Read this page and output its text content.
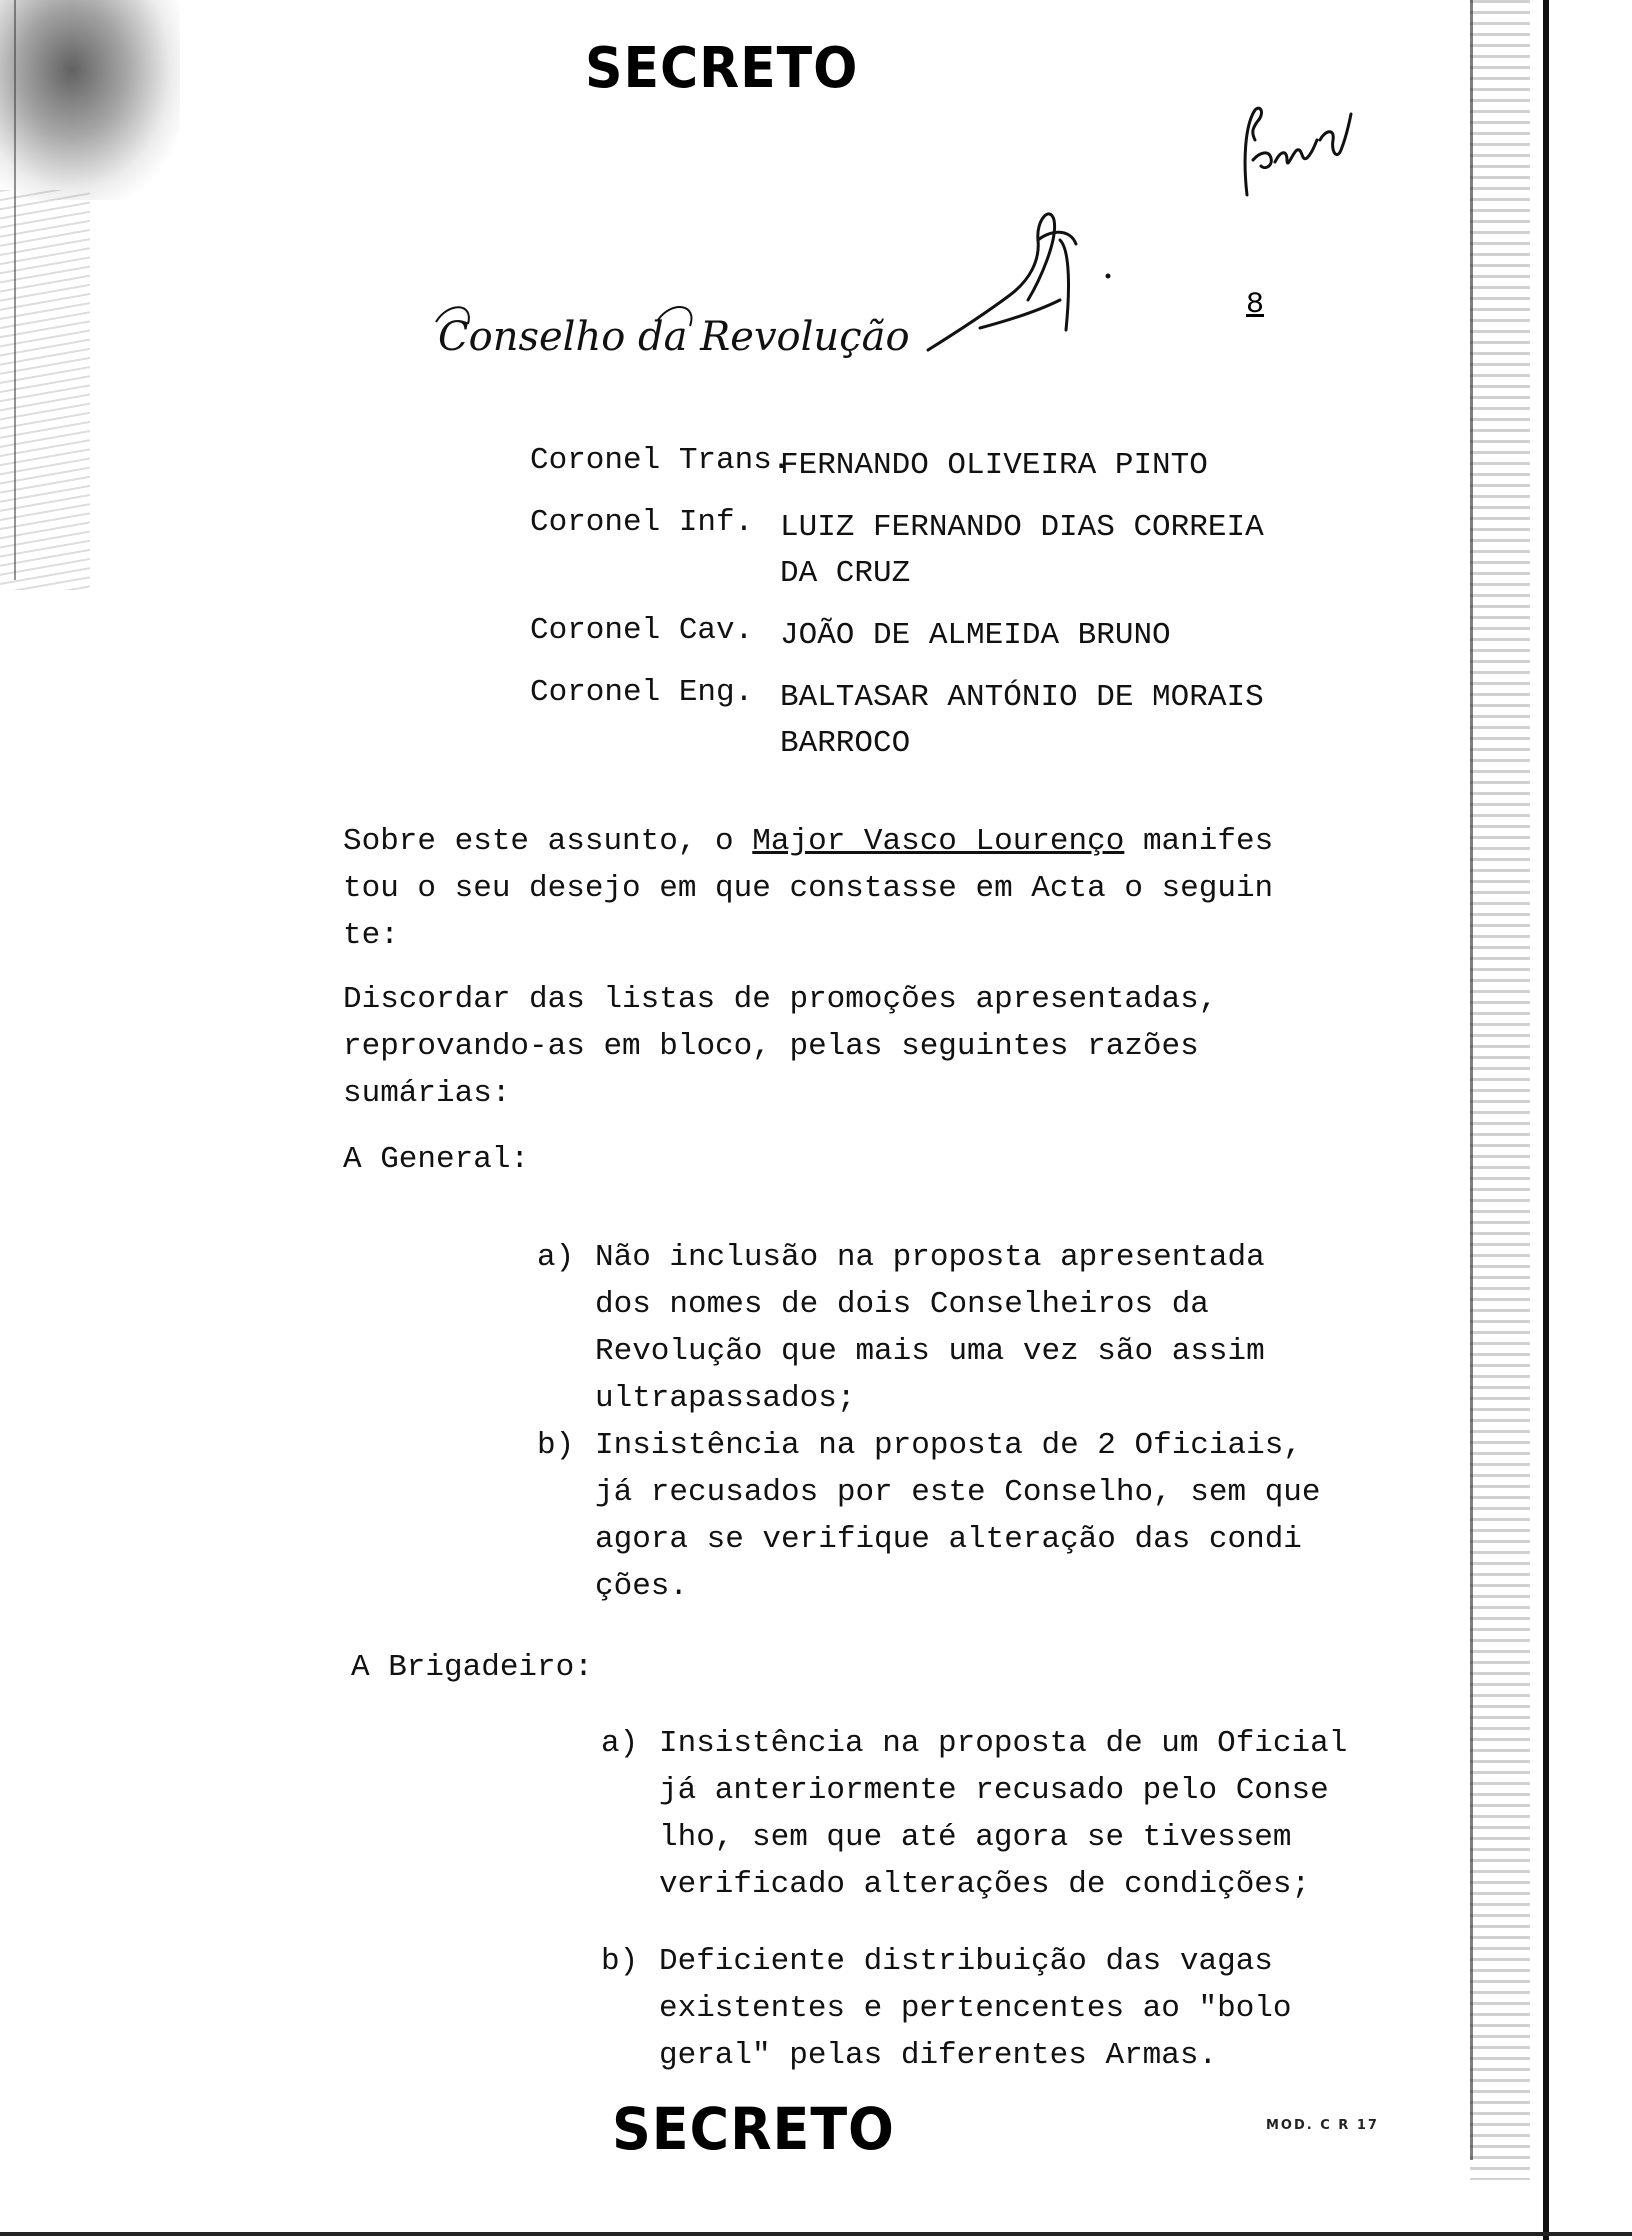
SECRETO
Conselho da Revolução
8
Coronel Trans.
FERNANDO OLIVEIRA PINTO
Coronel Inf. LUIZ FERNANDO DIAS CORREIA
DA CRUZ
Coronel Cav. JOÃO DE ALMEIDA BRUNO
Coronel Eng. BALTASAR ANTÓNIO DE MORAIS
BARROCO
Sobre este assunto, o Major Vasco Lourenço manifes
tou o seu desejo em que constasse em Acta o seguin
te:
Discordar das listas de promoções apresentadas,
reprovando-as em bloco, pelas seguintes razões
sumárias:
A General:
a) Não inclusão na proposta apresentada
dos nomes de dois Conselheiros da
Revolução que mais uma vez são assim
ultrapassados;
b) Insistência na proposta de 2 Oficiais,
já recusados por este Conselho, sem que
agora se verifique alteração das condi
ções.
A Brigadeiro:
a) Insistência na proposta de um Oficial
já anteriormente recusado pelo Conse
lho, sem que até agora se tivessem
verificado alterações de condições;
b) Deficiente distribuição das vagas
existentes e pertencentes ao "bolo
geral" pelas diferentes Armas.
SECRETO	MOD. C R 17
